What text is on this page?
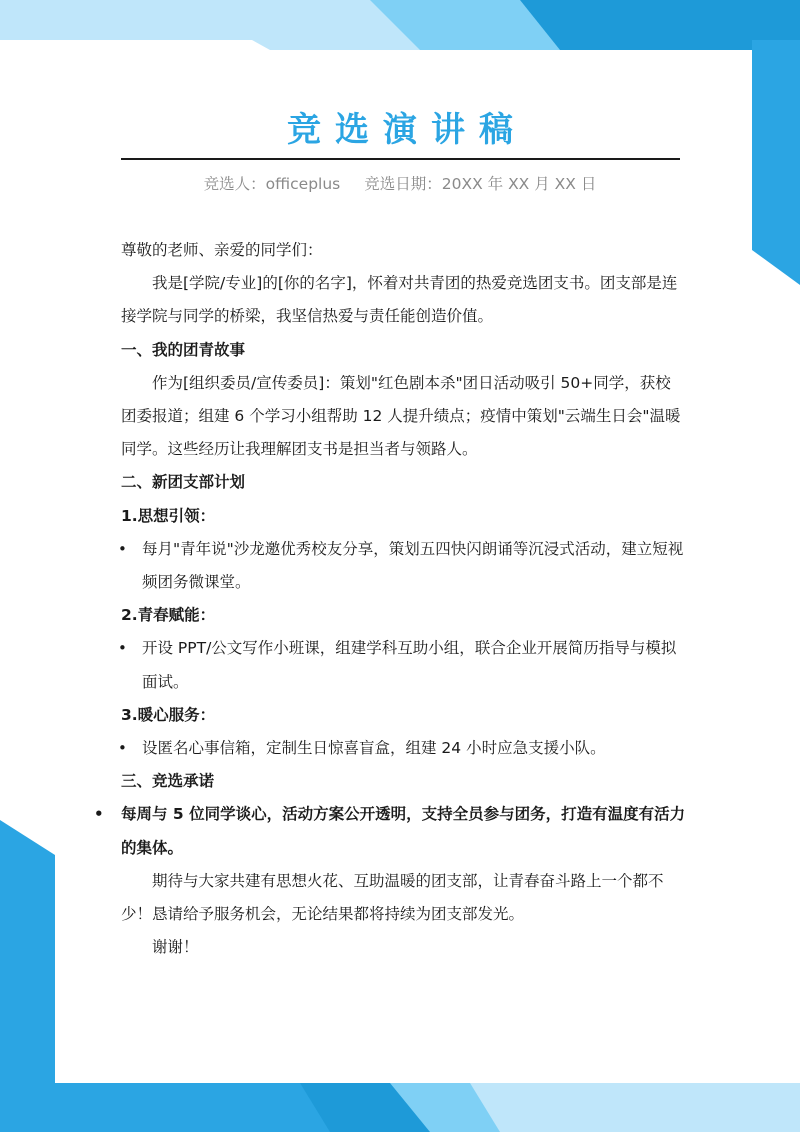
竞选演讲稿
竞选人：officeplus 竞选日期：20XX 年 XX 月 XX 日

尊敬的老师、亲爱的同学们：

我是[学院/专业]的[你的名字]，怀着对共青团的热爱竞选团支书。团支部是连接学院与同学的桥梁，我坚信热爱与责任能创造价值。

一、我的团青故事

作为[组织委员/宣传委员]：策划"红色剧本杀"团日活动吸引 50+同学，获校团委报道；组建 6 个学习小组帮助 12 人提升绩点；疫情中策划"云端生日会"温暖同学。这些经历让我理解团支书是担当者与领路人。

二、新团支部计划

1.思想引领：

• 每月"青年说"沙龙邀优秀校友分享，策划五四快闪朗诵等沉浸式活动，建立短视频团务微课堂。

2.青春赋能：

• 开设 PPT/公文写作小班课，组建学科互助小组，联合企业开展简历指导与模拟面试。

3.暖心服务：

• 设匿名心事信箱，定制生日惊喜盲盒，组建 24 小时应急支援小队。

三、竞选承诺

• 每周与 5 位同学谈心，活动方案公开透明，支持全员参与团务，打造有温度有活力的集体。

期待与大家共建有思想火花、互助温暖的团支部，让青春奋斗路上一个都不少！恳请给予服务机会，无论结果都将持续为团支部发光。

谢谢！
